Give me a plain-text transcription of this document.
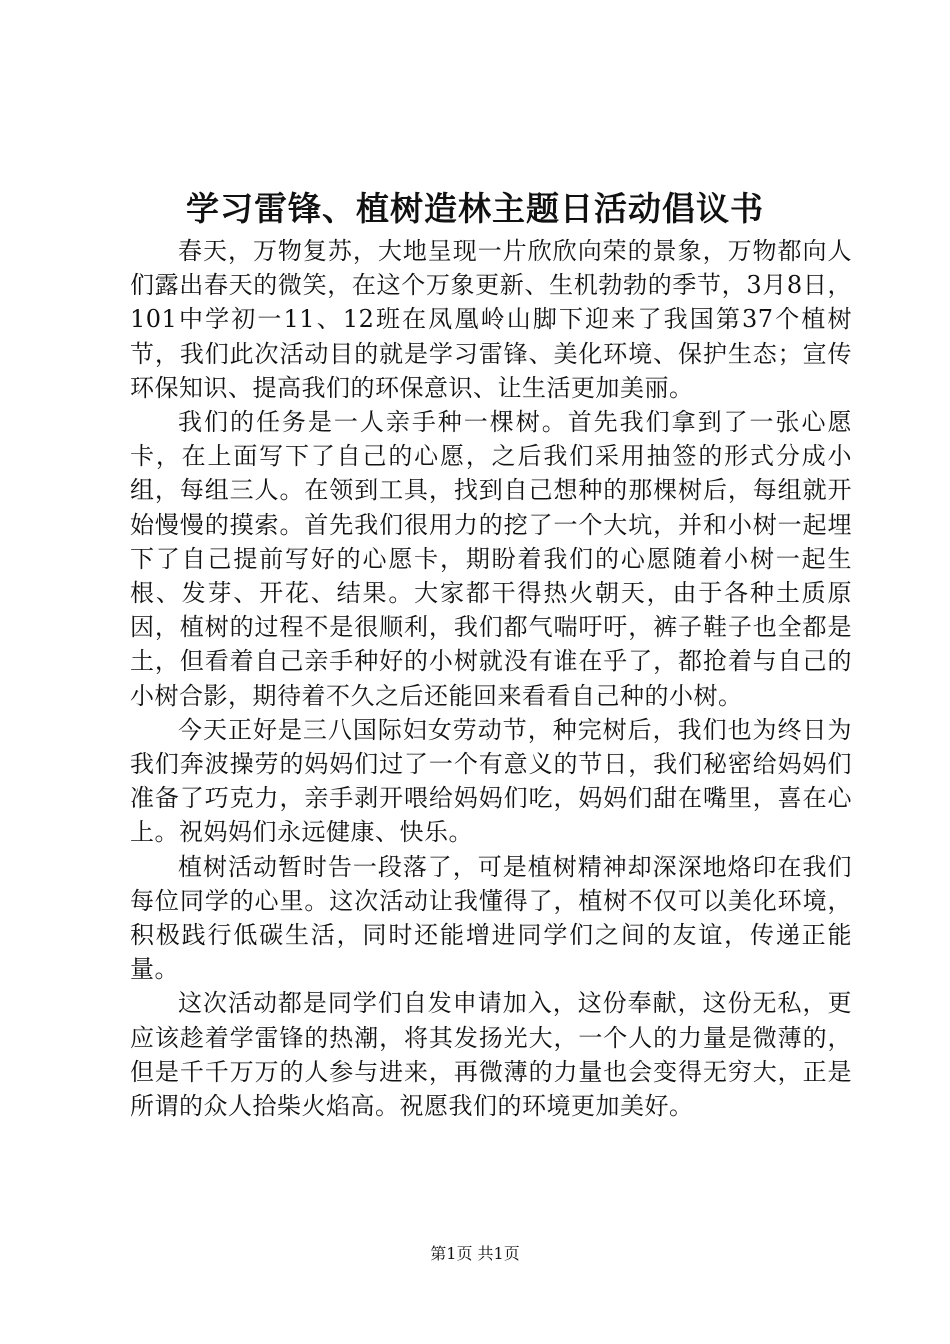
学习雷锋、植树造林主题日活动倡议书

春天，万物复苏，大地呈现一片欣欣向荣的景象，万物都向人们露出春天的微笑，在这个万象更新、生机勃勃的季节，3月8日，101中学初一11、12班在凤凰岭山脚下迎来了我国第37个植树节，我们此次活动目的就是学习雷锋、美化环境、保护生态；宣传环保知识、提高我们的环保意识、让生活更加美丽。

我们的任务是一人亲手种一棵树。首先我们拿到了一张心愿卡，在上面写下了自己的心愿，之后我们采用抽签的形式分成小组，每组三人。在领到工具，找到自己想种的那棵树后，每组就开始慢慢的摸索。首先我们很用力的挖了一个大坑，并和小树一起埋下了自己提前写好的心愿卡，期盼着我们的心愿随着小树一起生根、发芽、开花、结果。大家都干得热火朝天，由于各种土质原因，植树的过程不是很顺利，我们都气喘吁吁，裤子鞋子也全都是土，但看着自己亲手种好的小树就没有谁在乎了，都抢着与自己的小树合影，期待着不久之后还能回来看看自己种的小树。

今天正好是三八国际妇女劳动节，种完树后，我们也为终日为我们奔波操劳的妈妈们过了一个有意义的节日，我们秘密给妈妈们准备了巧克力，亲手剥开喂给妈妈们吃，妈妈们甜在嘴里，喜在心上。祝妈妈们永远健康、快乐。

植树活动暂时告一段落了，可是植树精神却深深地烙印在我们每位同学的心里。这次活动让我懂得了，植树不仅可以美化环境，积极践行低碳生活，同时还能增进同学们之间的友谊，传递正能量。

这次活动都是同学们自发申请加入，这份奉献，这份无私，更应该趁着学雷锋的热潮，将其发扬光大，一个人的力量是微薄的，但是千千万万的人参与进来，再微薄的力量也会变得无穷大，正是所谓的众人拾柴火焰高。祝愿我们的环境更加美好。

第1页 共1页
